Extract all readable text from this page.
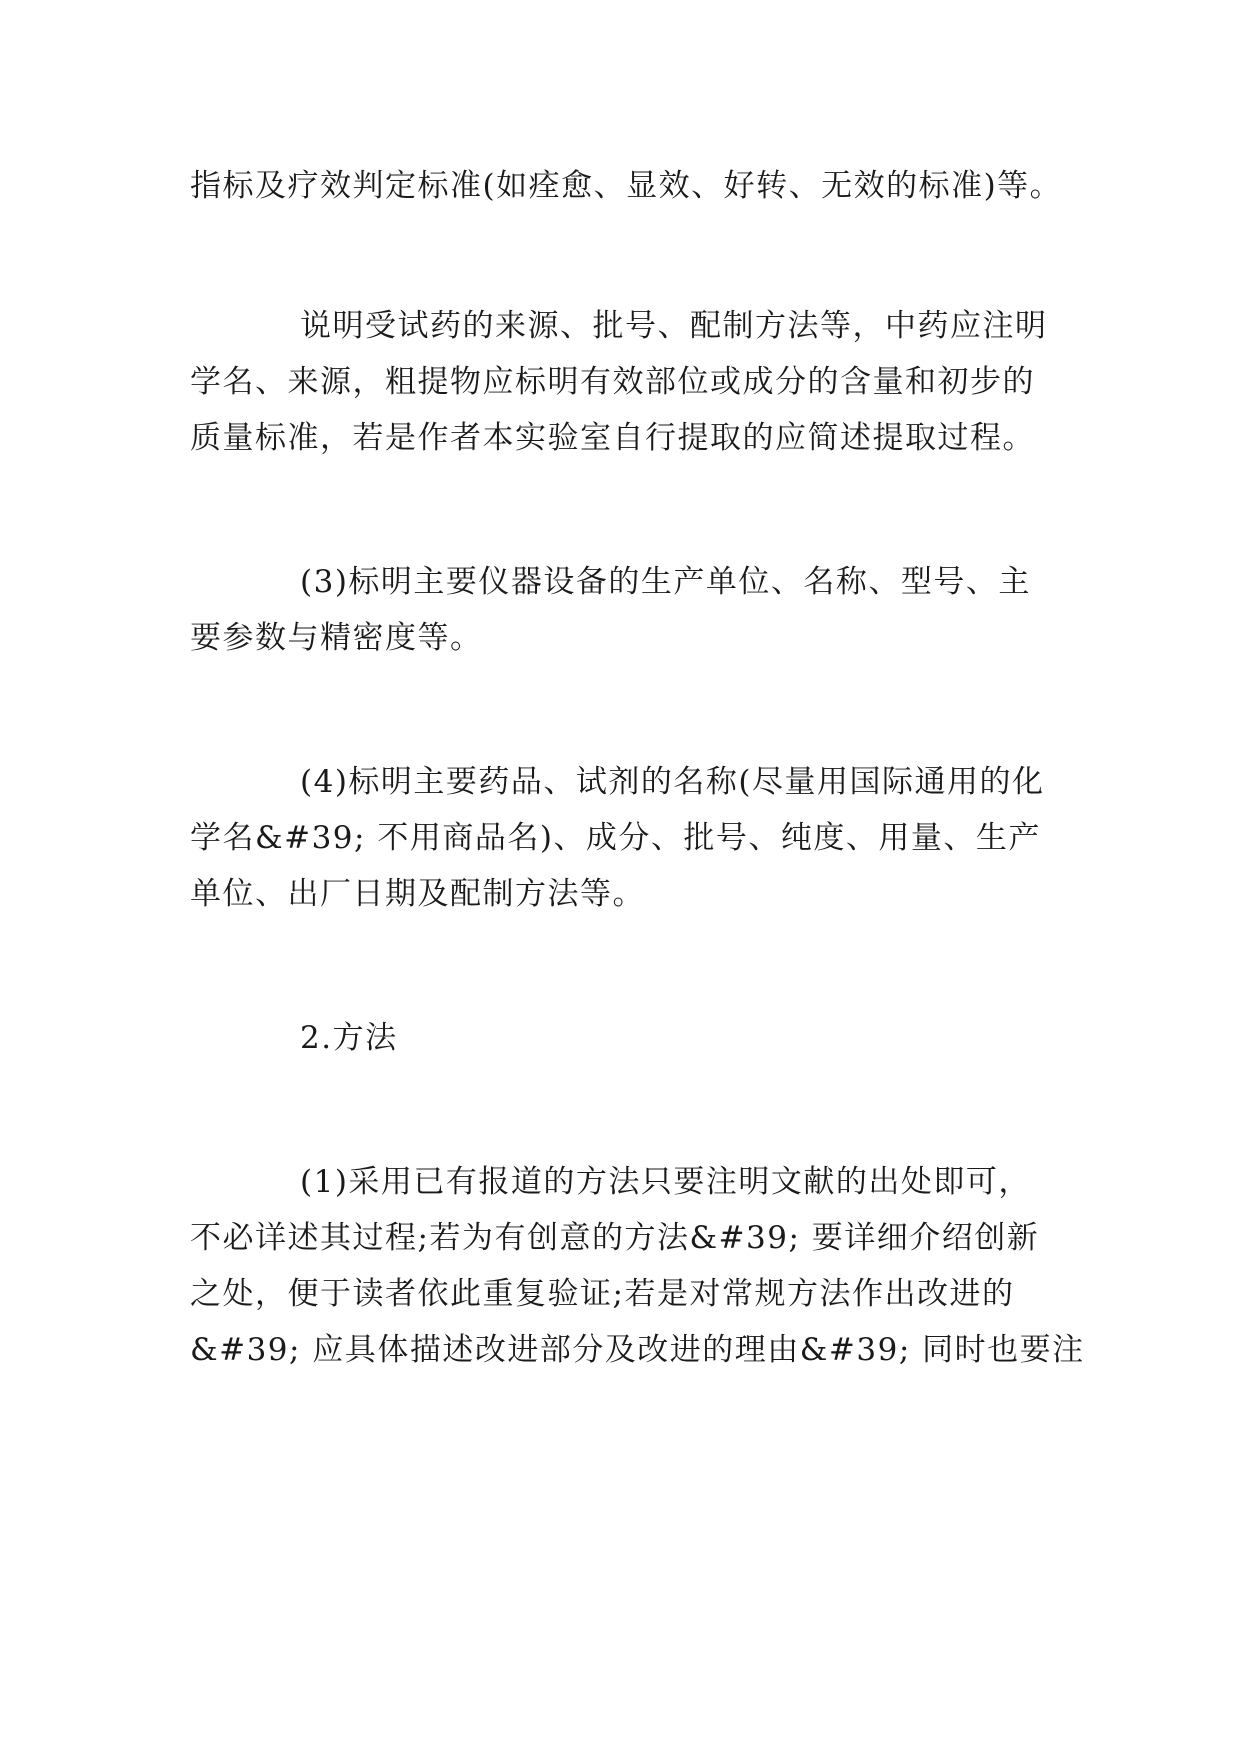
指标及疗效判定标准(如痊愈、显效、好转、无效的标准)等。
说明受试药的来源、批号、配制方法等，中药应注明
学名、来源，粗提物应标明有效部位或成分的含量和初步的
质量标准，若是作者本实验室自行提取的应简述提取过程。
(3)标明主要仪器设备的生产单位、名称、型号、主
要参数与精密度等。
(4)标明主要药品、试剂的名称(尽量用国际通用的化
学名&#39; 不用商品名)、成分、批号、纯度、用量、生产
单位、出厂日期及配制方法等。
2.方法
(1)采用已有报道的方法只要注明文献的出处即可，
不必详述其过程;若为有创意的方法&#39; 要详细介绍创新
之处，便于读者依此重复验证;若是对常规方法作出改进的
&#39; 应具体描述改进部分及改进的理由&#39; 同时也要注
